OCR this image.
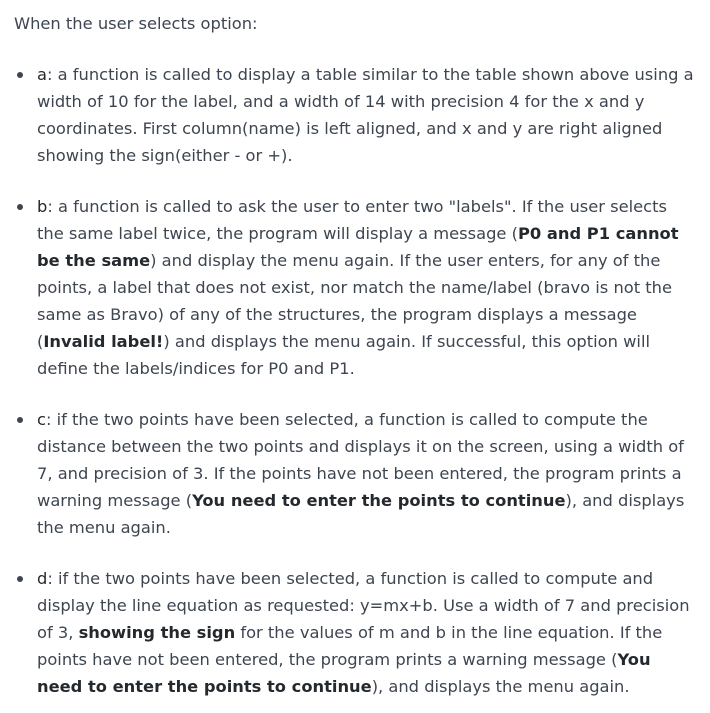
When the user selects option:

a: a function is called to display a table similar to the table shown above using a width of 10 for the label, and a width of 14 with precision 4 for the x and y coordinates. First column(name) is left aligned, and x and y are right aligned showing the sign(either - or +).
b: a function is called to ask the user to enter two "labels". If the user selects the same label twice, the program will display a message (P0 and P1 cannot be the same) and display the menu again. If the user enters, for any of the points, a label that does not exist, nor match the name/label (bravo is not the same as Bravo) of any of the structures, the program displays a message (Invalid label!) and displays the menu again. If successful, this option will define the labels/indices for P0 and P1.
c: if the two points have been selected, a function is called to compute the distance between the two points and displays it on the screen, using a width of 7, and precision of 3. If the points have not been entered, the program prints a warning message (You need to enter the points to continue), and displays the menu again.
d: if the two points have been selected, a function is called to compute and display the line equation as requested: y=mx+b. Use a width of 7 and precision of 3, showing the sign for the values of m and b in the line equation. If the points have not been entered, the program prints a warning message (You need to enter the points to continue), and displays the menu again.
